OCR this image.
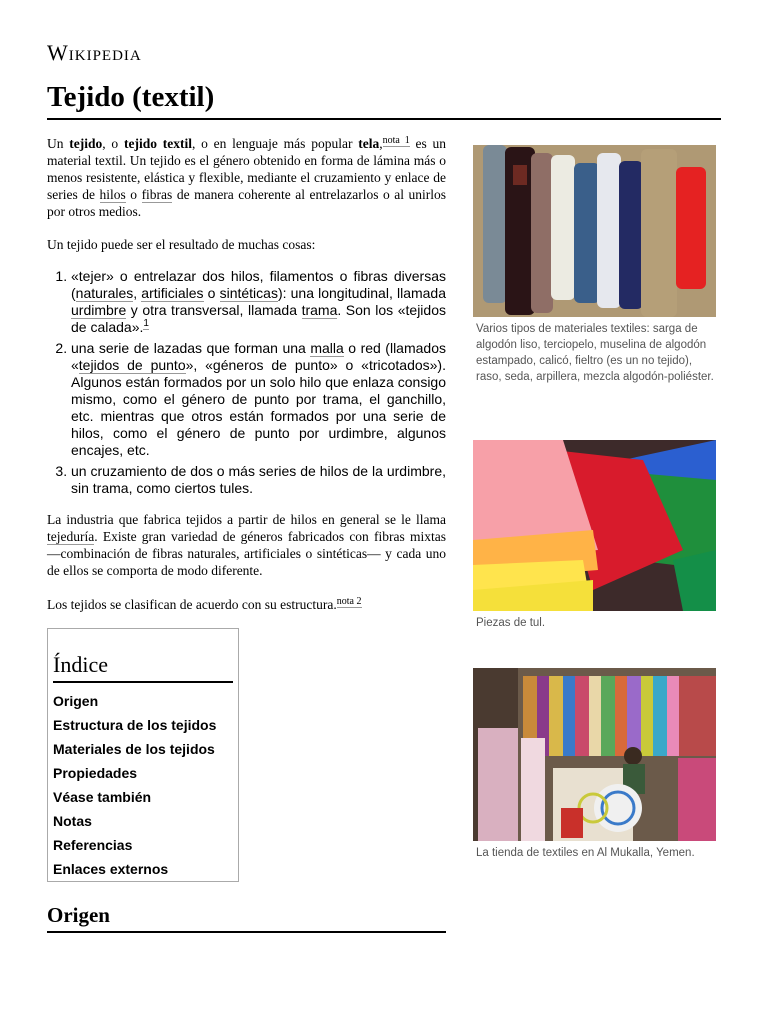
Wikipedia
Tejido (textil)

Un tejido, o tejido textil, o en lenguaje más popular tela,$^{nota 1}$ es un material textil. Un tejido es el género obtenido en forma de lámina más o menos resistente, elástica y flexible, mediante el cruzamiento y enlace de series de hilos o fibras de manera coherente al entrelazarlos o al unirlos por otros medios.

Un tejido puede ser el resultado de muchas cosas:

1. «tejer» o entrelazar dos hilos, filamentos o fibras diversas (naturales, artificiales o sintéticas): una longitudinal, llamada urdimbre y otra transversal, llamada trama. Son los «tejidos de calada».$^1$
2. una serie de lazadas que forman una malla o red (llamados «tejidos de punto», «géneros de punto» o «tricotados»). Algunos están formados por un solo hilo que enlaza consigo mismo, como el género de punto por trama, el ganchillo, etc. mientras que otros están formados por una serie de hilos, como el género de punto por urdimbre, algunos encajes, etc.
3. un cruzamiento de dos o más series de hilos de la urdimbre, sin trama, como ciertos tules.

La industria que fabrica tejidos a partir de hilos en general se le llama tejeduría. Existe gran variedad de géneros fabricados con fibras mixtas —combinación de fibras naturales, artificiales o sintéticas— y cada uno de ellos se comporta de modo diferente.

Los tejidos se clasifican de acuerdo con su estructura.$^{nota 2}$

Índice
Origen
Estructura de los tejidos
Materiales de los tejidos
Propiedades
Véase también
Notas
Referencias
Enlaces externos
Origen
Varios tipos de materiales textiles: sarga de algodón liso, terciopelo, muselina de algodón estampado, calicó, fieltro (es un no tejido), raso, seda, arpillera, mezcla algodón-poliéster.
Piezas de tul.
La tienda de textiles en Al Mukalla, Yemen.
